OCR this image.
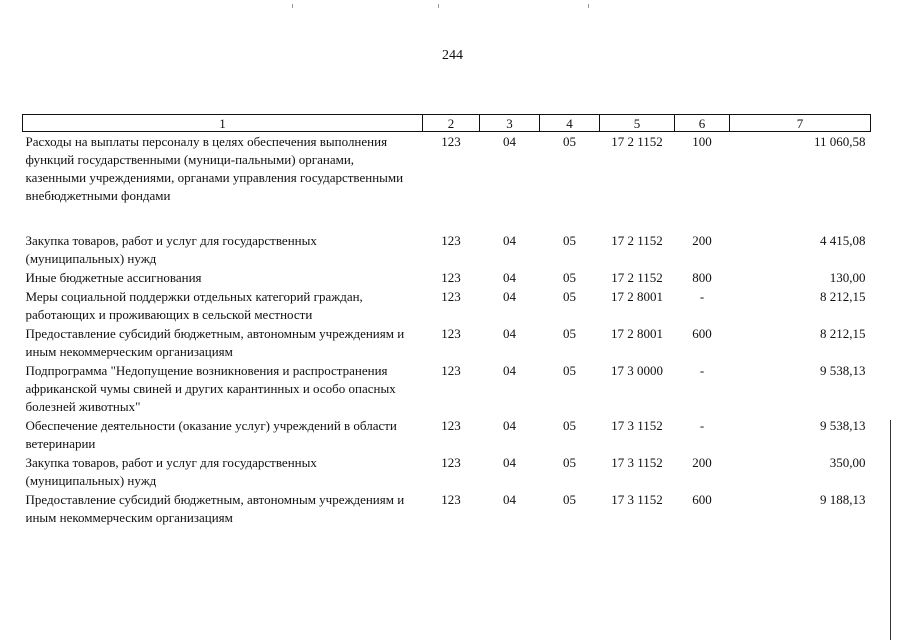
244
1	2	3	4	5	6	7
Расходы на выплаты персоналу в целях обеспечения выполнения функций государственными (муници-пальными) органами, казенными учреждениями, органами управления государственными внебюджетными фондами	123	04	05	17 2 1152	100	11 060,58

Закупка товаров, работ и услуг для государственных (муниципальных) нужд	123	04	05	17 2 1152	200	4 415,08
Иные бюджетные ассигнования	123	04	05	17 2 1152	800	130,00
Меры социальной поддержки отдельных категорий граждан, работающих и проживающих в сельской местности	123	04	05	17 2 8001	-	8 212,15
Предоставление субсидий бюджетным, автономным учреждениям и иным некоммерческим организациям	123	04	05	17 2 8001	600	8 212,15
Подпрограмма "Недопущение возникновения и распространения африканской чумы свиней и других карантинных и особо опасных болезней животных"	123	04	05	17 3 0000	-	9 538,13
Обеспечение деятельности (оказание услуг) учреждений в области ветеринарии	123	04	05	17 3 1152	-	9 538,13
Закупка товаров, работ и услуг для государственных (муниципальных) нужд	123	04	05	17 3 1152	200	350,00
Предоставление субсидий бюджетным, автономным учреждениям и иным некоммерческим организациям	123	04	05	17 3 1152	600	9 188,13
